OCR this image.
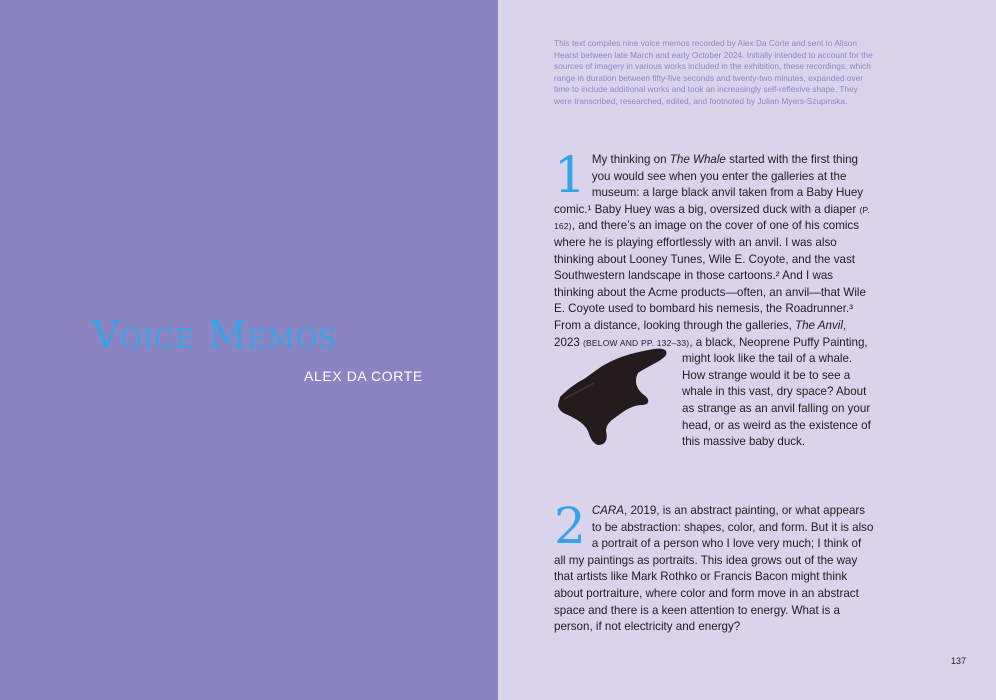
Voice Memos
ALEX DA CORTE

This text compiles nine voice memos recorded by Alex Da Corte and sent to Alison Hearst between late March and early October 2024. Initially intended to account for the sources of imagery in various works included in the exhibition, these recordings, which range in duration between fifty-five seconds and twenty-two minutes, expanded over time to include additional works and took an increasingly self-reflexive shape. They were transcribed, researched, edited, and footnoted by Julian Myers-Szupinska.

1 My thinking on The Whale started with the first thing you would see when you enter the galleries at the museum: a large black anvil taken from a Baby Huey comic.¹ Baby Huey was a big, oversized duck with a diaper (P. 162), and there’s an image on the cover of one of his comics where he is playing effortlessly with an anvil. I was also thinking about Looney Tunes, Wile E. Coyote, and the vast Southwestern landscape in those cartoons.² And I was thinking about the Acme products—often, an anvil—that Wile E. Coyote used to bombard his nemesis, the Roadrunner.³ From a distance, looking through the galleries, The Anvil, 2023 (BELOW AND PP. 132–33), a black,
Neoprene Puffy Painting, might look like the tail of a whale. How strange would it be to see a whale in this vast, dry space? About as strange as an anvil falling on your head, or as weird as the existence of this massive baby duck.
2 CARA, 2019, is an abstract painting, or what appears to be abstraction: shapes, color, and form. But it is also a portrait of a person who I love very much; I think of all my paintings as portraits. This idea grows out of the way that artists like Mark Rothko or Francis Bacon might think about portraiture, where color and form move in an abstract space and there is a keen attention to energy. What is a person, if not electricity and energy?
137
